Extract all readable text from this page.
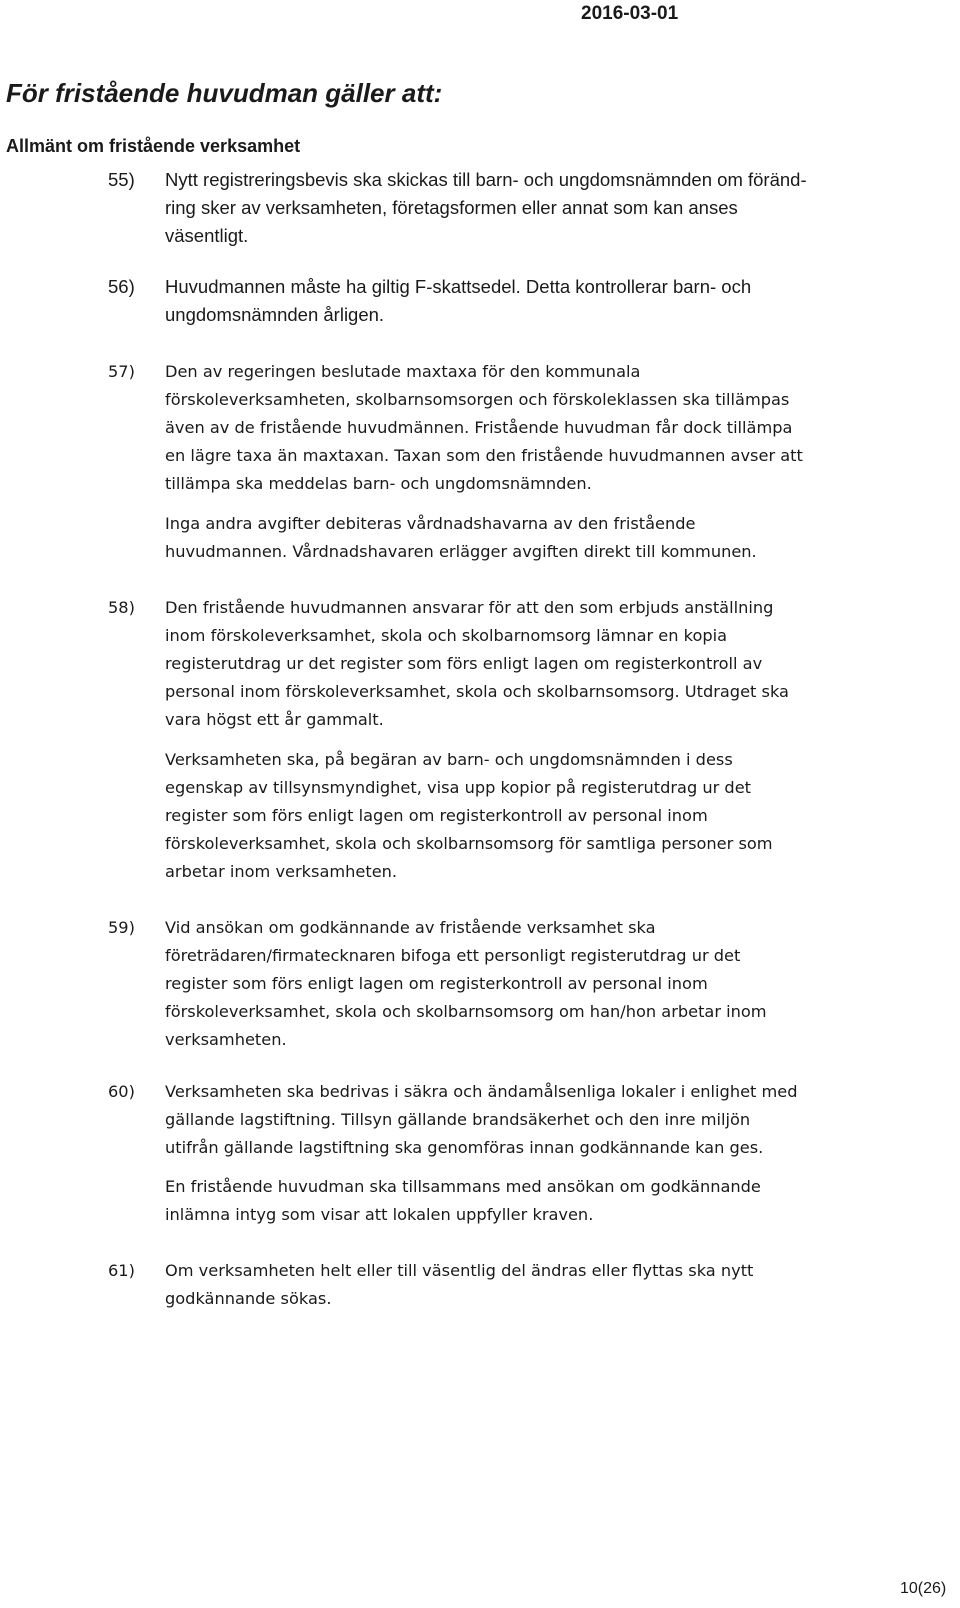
2016-03-01
För fristående huvudman gäller att:
Allmänt om fristående verksamhet
55) Nytt registreringsbevis ska skickas till barn- och ungdomsnämnden om föränd-

ring sker av verksamheten, företagsformen eller annat som kan anses

väsentligt.

56) Huvudmannen måste ha giltig F-skattsedel. Detta kontrollerar barn- och

ungdomsnämnden årligen.

57) Den av regeringen beslutade maxtaxa för den kommunala

förskoleverksamheten, skolbarnsomsorgen och förskoleklassen ska tillämpas

även av de fristående huvudmännen. Fristående huvudman får dock tillämpa

en lägre taxa än maxtaxan. Taxan som den fristående huvudmannen avser att

tillämpa ska meddelas barn- och ungdomsnämnden.

Inga andra avgifter debiteras vårdnadshavarna av den fristående

huvudmannen. Vårdnadshavaren erlägger avgiften direkt till kommunen.

58) Den fristående huvudmannen ansvarar för att den som erbjuds anställning

inom förskoleverksamhet, skola och skolbarnomsorg lämnar en kopia

registerutdrag ur det register som förs enligt lagen om registerkontroll av

personal inom förskoleverksamhet, skola och skolbarnsomsorg. Utdraget ska

vara högst ett år gammalt.

Verksamheten ska, på begäran av barn- och ungdomsnämnden i dess

egenskap av tillsynsmyndighet, visa upp kopior på registerutdrag ur det

register som förs enligt lagen om registerkontroll av personal inom

förskoleverksamhet, skola och skolbarnsomsorg för samtliga personer som

arbetar inom verksamheten.

59) Vid ansökan om godkännande av fristående verksamhet ska

företrädaren/firmatecknaren bifoga ett personligt registerutdrag ur det

register som förs enligt lagen om registerkontroll av personal inom

förskoleverksamhet, skola och skolbarnsomsorg om han/hon arbetar inom

verksamheten.

60) Verksamheten ska bedrivas i säkra och ändamålsenliga lokaler i enlighet med

gällande lagstiftning. Tillsyn gällande brandsäkerhet och den inre miljön

utifrån gällande lagstiftning ska genomföras innan godkännande kan ges.

En fristående huvudman ska tillsammans med ansökan om godkännande

inlämna intyg som visar att lokalen uppfyller kraven.

61) Om verksamheten helt eller till väsentlig del ändras eller flyttas ska nytt

godkännande sökas.

10(26)
